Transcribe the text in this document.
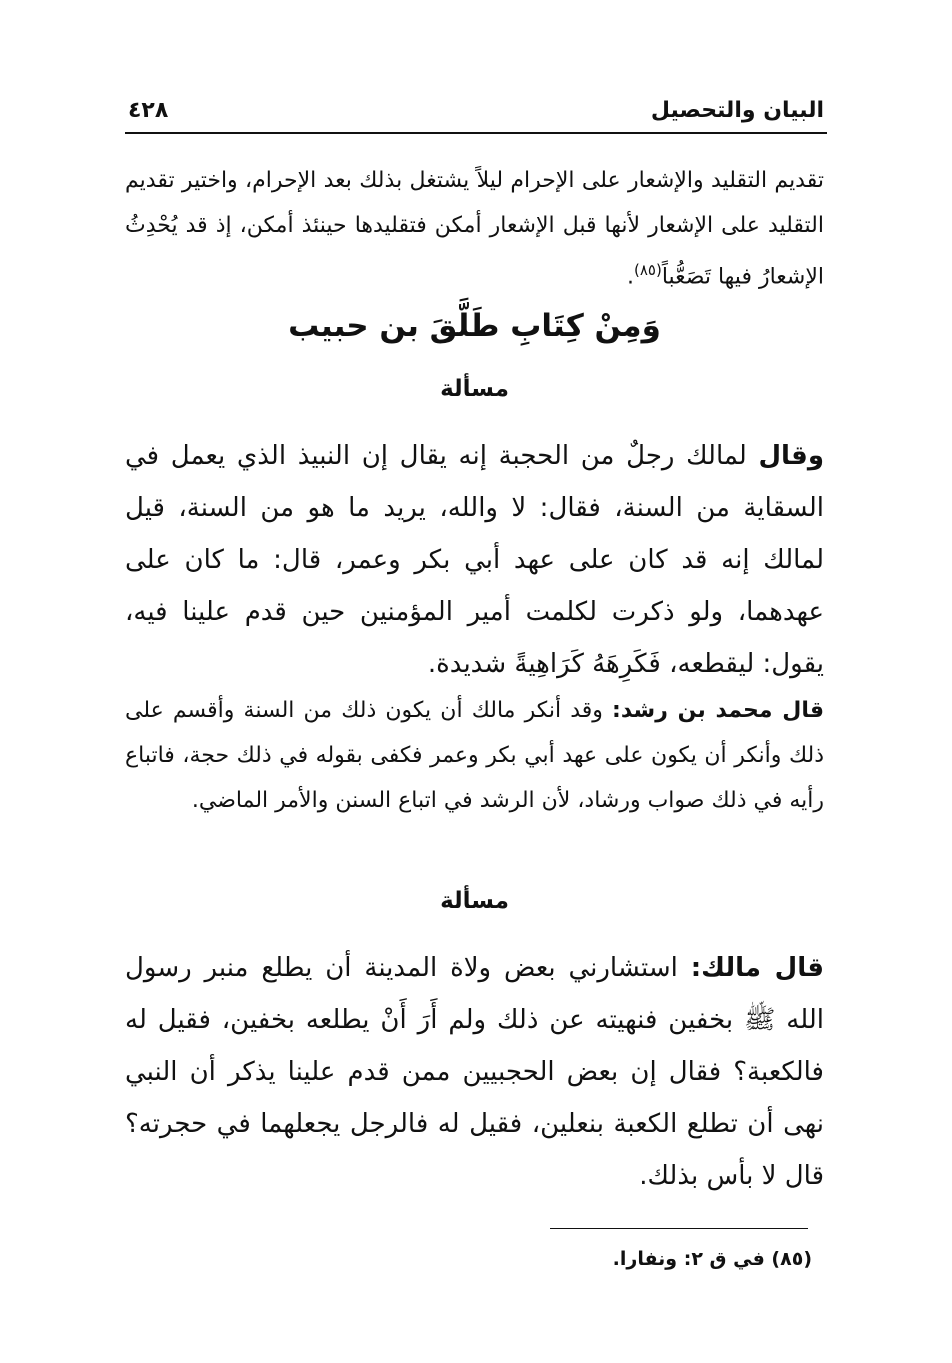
البيان والتحصيل
٤٢٨
تقديم التقليد والإشعار على الإحرام ليلاً يشتغل بذلك بعد الإحرام، واختير تقديم التقليد على الإشعار لأنها قبل الإشعار أمكن فتقليدها حينئذ أمكن، إذ قد يُحْدِثُ الإشعارُ فيها تَصَعُّباً$^{(٨٥)}$.
وَمِنْ كِتَابِ طَلَّقَ بن حبيب
مسألة
وقال لمالك رجلٌ من الحجبة إنه يقال إن النبيذ الذي يعمل في السقاية من السنة، فقال: لا والله، يريد ما هو من السنة، قيل لمالك إنه قد كان على عهد أبي بكر وعمر، قال: ما كان على عهدهما، ولو ذكرت لكلمت أمير المؤمنين حين قدم علينا فيه، يقول: ليقطعه، فَكَرِهَهُ كَرَاهِيةً شديدة.
قال محمد بن رشد: وقد أنكر مالك أن يكون ذلك من السنة وأقسم على ذلك وأنكر أن يكون على عهد أبي بكر وعمر فكفى بقوله في ذلك حجة، فاتباع رأيه في ذلك صواب ورشاد، لأن الرشد في اتباع السنن والأمر الماضي.
مسألة
قال مالك: استشارني بعض ولاة المدينة أن يطلع منبر رسول الله ﷺ بخفين فنهيته عن ذلك ولم أَرَ أَنْ يطلعه بخفين، فقيل له فالكعبة؟ فقال إن بعض الحجبيين ممن قدم علينا يذكر أن النبي نهى أن تطلع الكعبة بنعلين، فقيل له فالرجل يجعلهما في حجرته؟ قال لا بأس بذلك.
(٨٥) في ق ٢: ونفارا.
